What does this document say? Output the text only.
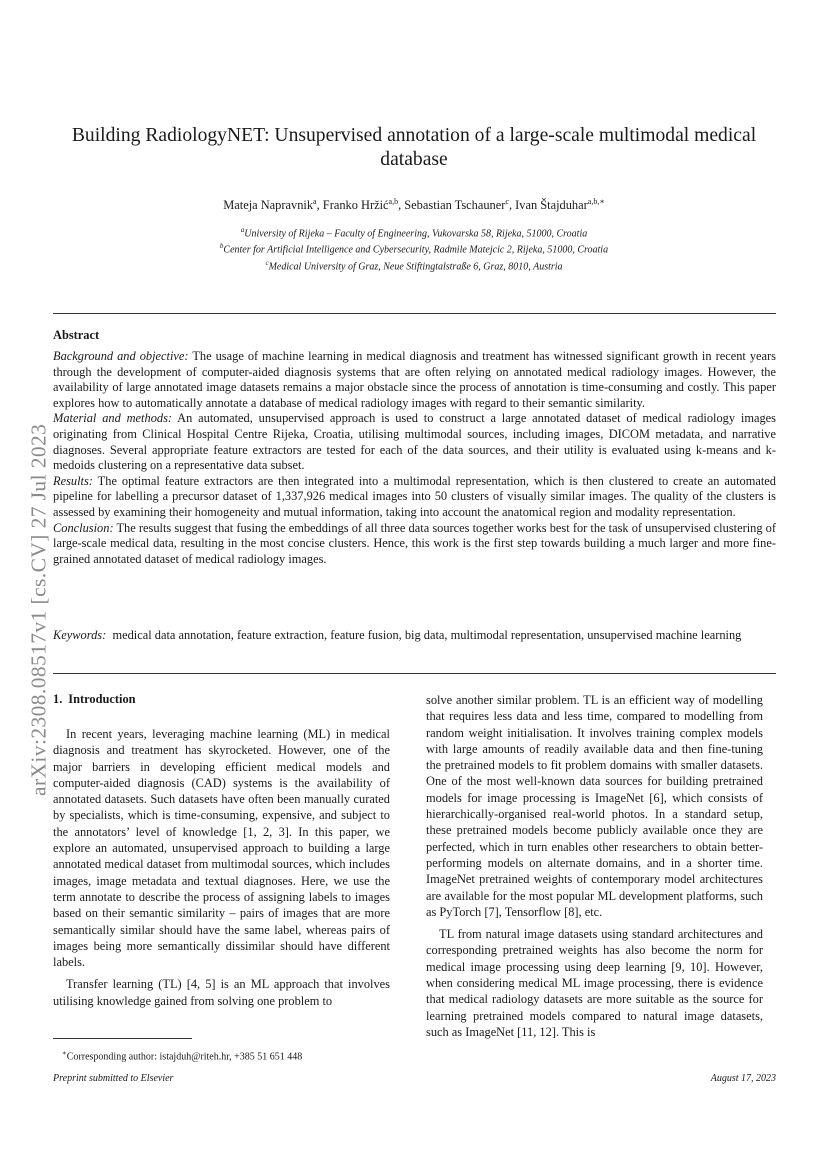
arXiv:2308.08517v1 [cs.CV] 27 Jul 2023
Building RadiologyNET: Unsupervised annotation of a large-scale multimodal medical database
Mateja Napravnik$^a$, Franko Hržić$^{a,b}$, Sebastian Tschauner$^c$, Ivan Štajduhar$^{a,b,∗}$
$^a$University of Rijeka – Faculty of Engineering, Vukovarska 58, Rijeka, 51000, Croatia
$^b$Center for Artificial Intelligence and Cybersecurity, Radmile Matejcic 2, Rijeka, 51000, Croatia
$^c$Medical University of Graz, Neue Stiftingtalstraße 6, Graz, 8010, Austria
Abstract

Background and objective: The usage of machine learning in medical diagnosis and treatment has witnessed significant growth in recent years through the development of computer-aided diagnosis systems that are often relying on annotated medical radiology images. However, the availability of large annotated image datasets remains a major obstacle since the process of annotation is time-consuming and costly. This paper explores how to automatically annotate a database of medical radiology images with regard to their semantic similarity.

Material and methods: An automated, unsupervised approach is used to construct a large annotated dataset of medical radiology images originating from Clinical Hospital Centre Rijeka, Croatia, utilising multimodal sources, including images, DICOM metadata, and narrative diagnoses. Several appropriate feature extractors are tested for each of the data sources, and their utility is evaluated using k-means and k-medoids clustering on a representative data subset.

Results: The optimal feature extractors are then integrated into a multimodal representation, which is then clustered to create an automated pipeline for labelling a precursor dataset of 1,337,926 medical images into 50 clusters of visually similar images. The quality of the clusters is assessed by examining their homogeneity and mutual information, taking into account the anatomical region and modality representation.

Conclusion: The results suggest that fusing the embeddings of all three data sources together works best for the task of unsupervised clustering of large-scale medical data, resulting in the most concise clusters. Hence, this work is the first step towards building a much larger and more fine-grained annotated dataset of medical radiology images.

Keywords: medical data annotation, feature extraction, feature fusion, big data, multimodal representation, unsupervised machine learning
1. Introduction

In recent years, leveraging machine learning (ML) in medical diagnosis and treatment has skyrocketed. However, one of the major barriers in developing efficient medical models and computer-aided diagnosis (CAD) systems is the availability of annotated datasets. Such datasets have often been manually curated by specialists, which is time-consuming, expensive, and subject to the annotators’ level of knowledge [1, 2, 3]. In this paper, we explore an automated, unsupervised approach to building a large annotated medical dataset from multimodal sources, which includes images, image metadata and textual diagnoses. Here, we use the term annotate to describe the process of assigning labels to images based on their semantic similarity – pairs of images that are more semantically similar should have the same label, whereas pairs of images being more semantically dissimilar should have different labels.

Transfer learning (TL) [4, 5] is an ML approach that involves utilising knowledge gained from solving one problem to

solve another similar problem. TL is an efficient way of modelling that requires less data and less time, compared to modelling from random weight initialisation. It involves training complex models with large amounts of readily available data and then fine-tuning the pretrained models to fit problem domains with smaller datasets. One of the most well-known data sources for building pretrained models for image processing is ImageNet [6], which consists of hierarchically-organised real-world photos. In a standard setup, these pretrained models become publicly available once they are perfected, which in turn enables other researchers to obtain better-performing models on alternate domains, and in a shorter time. ImageNet pretrained weights of contemporary model architectures are available for the most popular ML development platforms, such as PyTorch [7], Tensorflow [8], etc.

TL from natural image datasets using standard architectures and corresponding pretrained weights has also become the norm for medical image processing using deep learning [9, 10]. However, when considering medical ML image processing, there is evidence that medical radiology datasets are more suitable as the source for learning pretrained models compared to natural image datasets, such as ImageNet [11, 12]. This is

∗Corresponding author: istajduh@riteh.hr, +385 51 651 448
Preprint submitted to Elsevier	August 17, 2023
